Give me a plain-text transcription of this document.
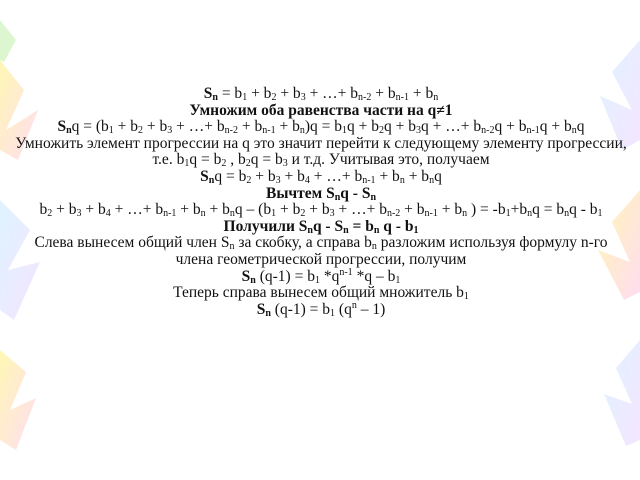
$S_n = b_1 + b_2 + b_3$ + …+ $b_{n-2} + b_{n-1} + b_n$
Умножим оба равенства части на q≠1
$S_nq = (b_1 + b_2 + b_3$ + …+ $b_{n-2} + b_{n-1} + b_n)q = b_1q + b_2q + b_3q$ + …+ $b_{n-2}q + b_{n-1}q + b_nq$
Умножить элемент прогрессии на q это значит перейти к следующему элементу прогрессии, т.е. $b_1q = b_2$ , $b_2q = b_3$ и т.д. Учитывая это, получаем
$S_nq = b_2 + b_3 + b_4$ + …+ $b_{n-1} + b_n + b_nq$
Вычтем $S_nq - S_n$
$b_2 + b_3 + b_4$ + …+ $b_{n-1} + b_n + b_nq - (b_1 + b_2 + b_3$ + …+ $b_{n-2} + b_{n-1} + b_n$ ) = $-b_1+b_nq = b_nq - b_1$
Получили $S_nq - S_n = b_n$ q - $b_1$
Слева вынесем общий член $S_n$ за скобку, а справа $b_n$ разложим используя формулу n-го члена геометрической прогрессии, получим
$S_n$ $(q-1) = b_1$ $*q^{n-1}$ $*q - b_1$
Теперь справа вынесем общий множитель $b_1$
$S_n$ $(q-1) = b_1$ $(q^n - 1)$
